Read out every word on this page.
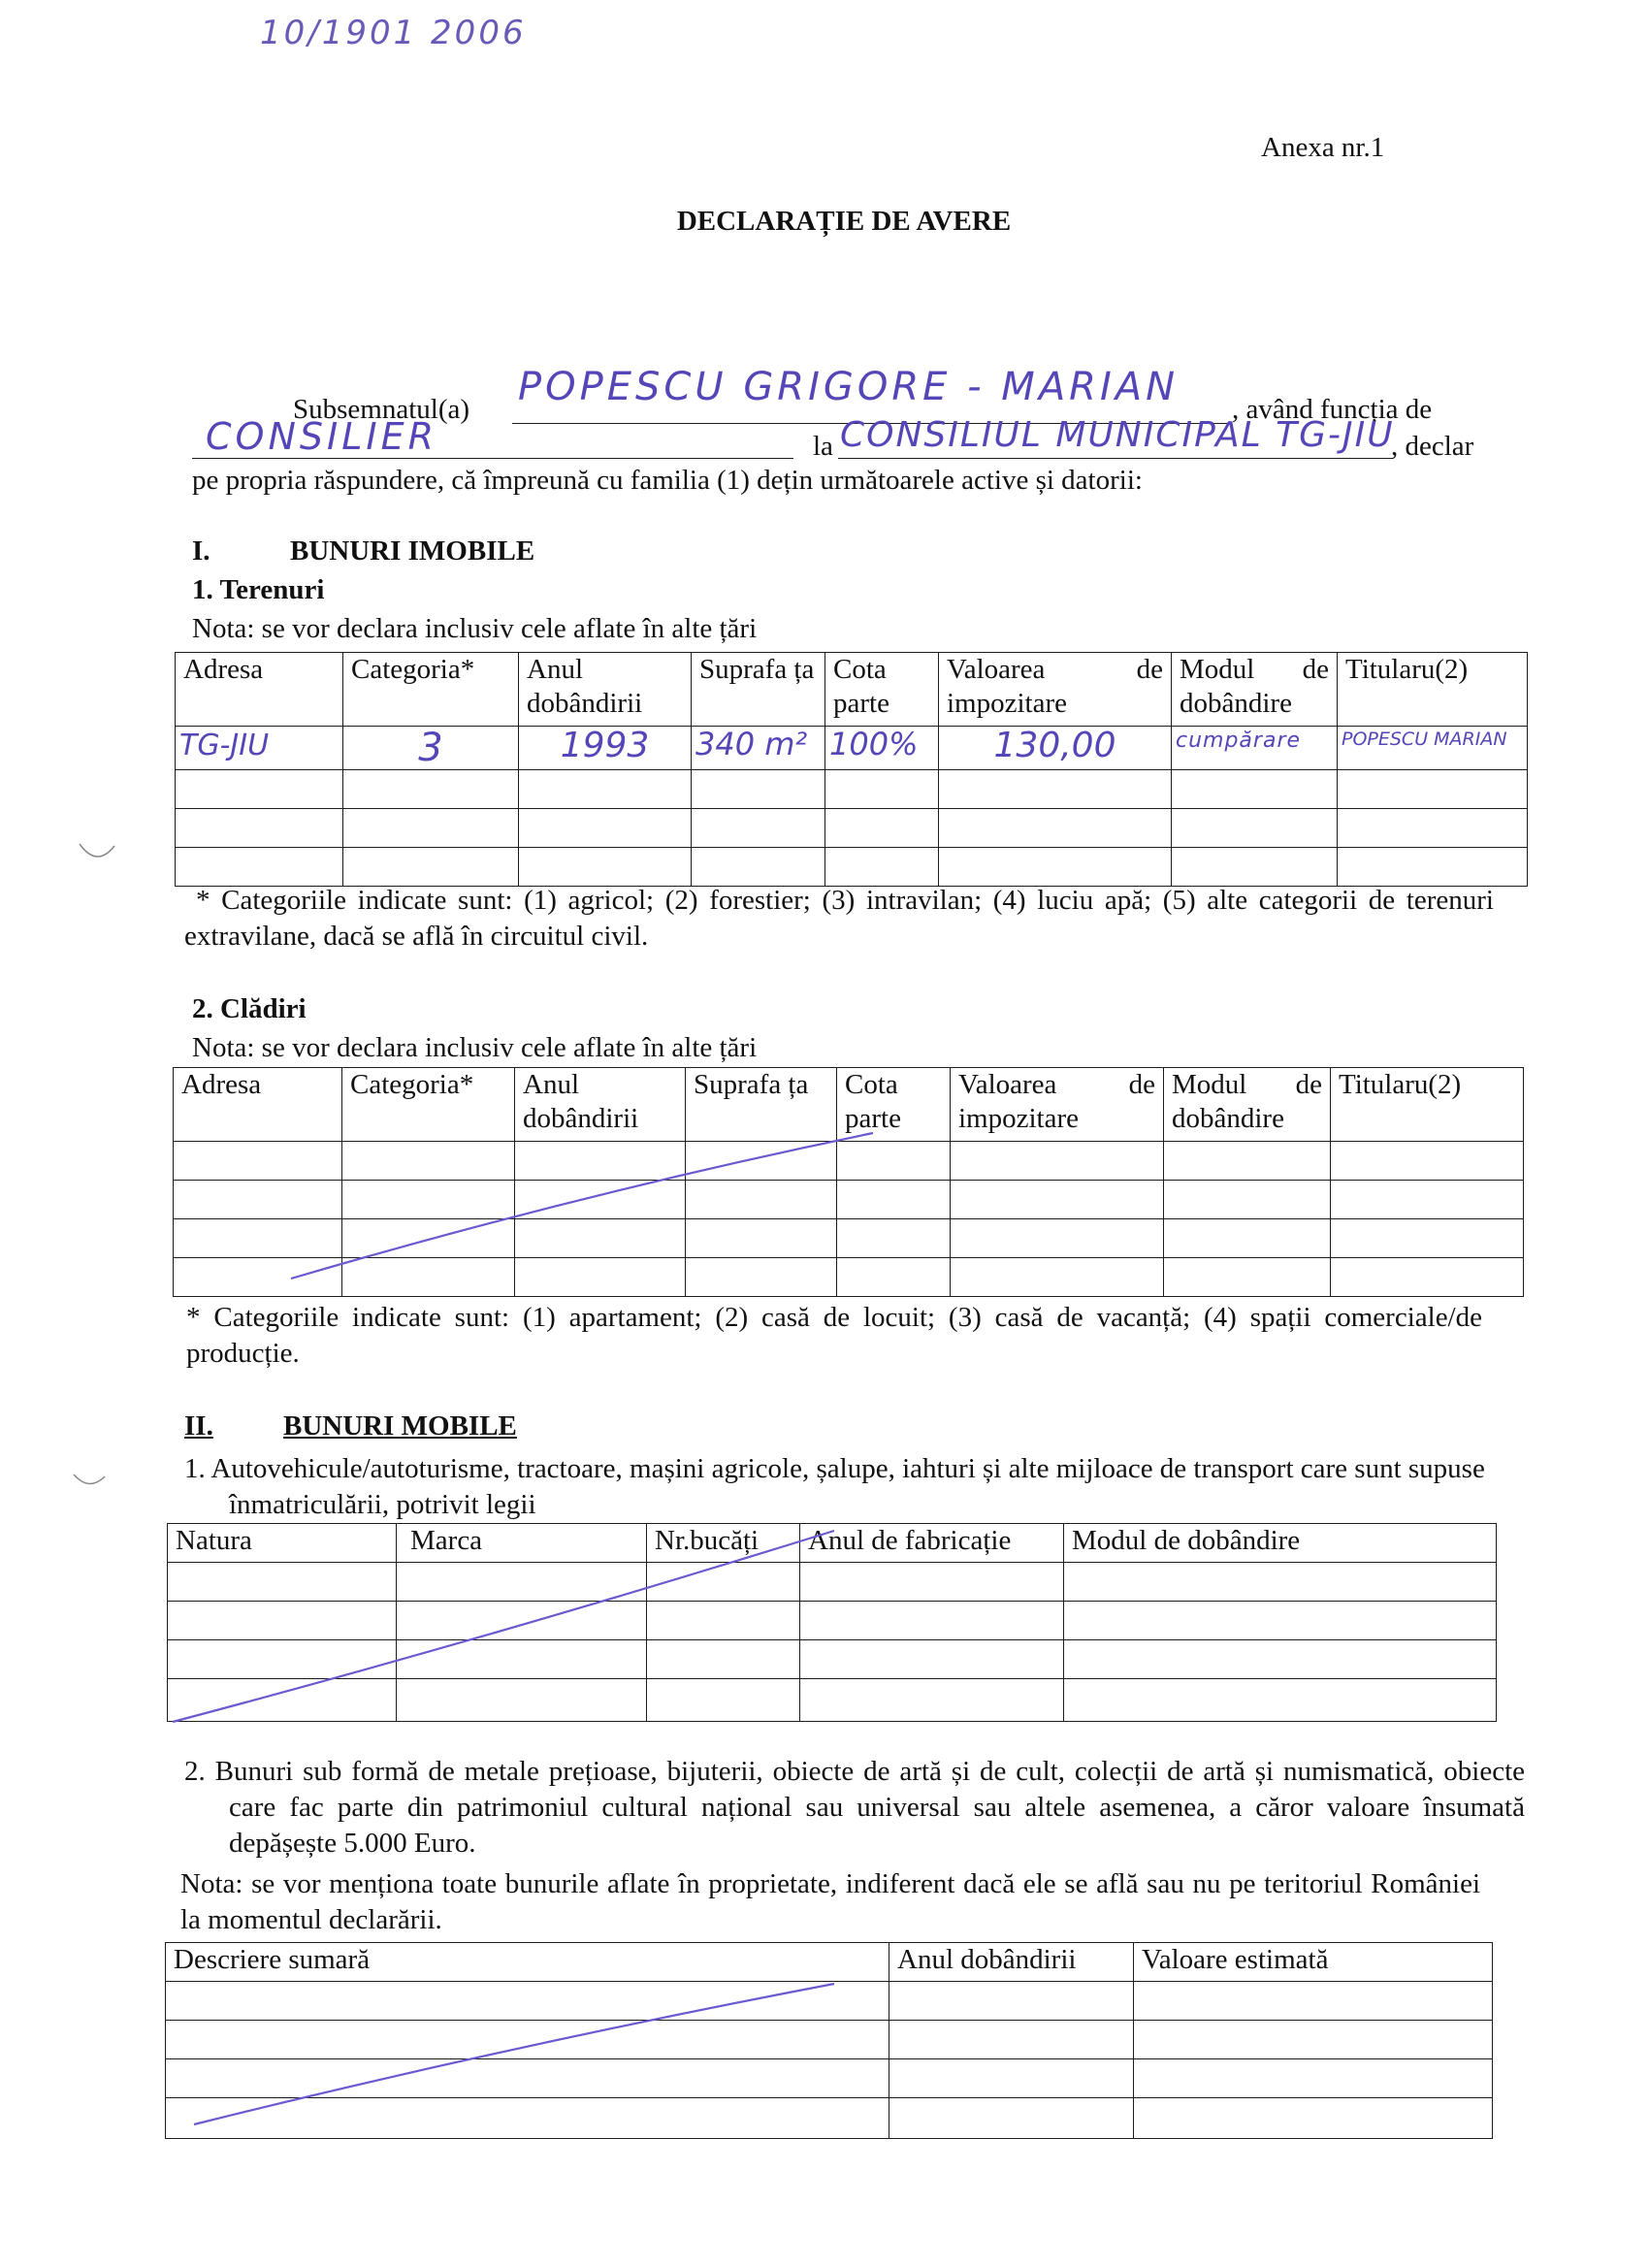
10/1901 2006
Anexa nr.1
DECLARAȚIE DE AVERE
Subsemnatul(a) POPESCU GRIGORE - MARIAN , având funcția de
CONSILIER	la CONSILIUL MUNICIPAL TG-JIU
, declar
pe propria răspundere, că împreună cu familia (1) dețin următoarele active și datorii:
I.	BUNURI IMOBILE
1. Terenuri
Nota: se vor declara inclusiv cele aflate în alte țări
Adresa	Categoria*	Anul dobândirii	Suprafa ța	Cota parte	Valoarea de impozitare	Modul de dobândire	Titularu(2)
TG-JIU	3	1993	340 m²	100%	130,00	cumpărare	POPESCU MARIAN

* Categoriile indicate sunt: (1) agricol; (2) forestier; (3) intravilan; (4) luciu apă; (5) alte categorii de terenuri extravilane, dacă se află în circuitul civil.
2. Clădiri
Nota: se vor declara inclusiv cele aflate în alte țări
Adresa	Categoria*	Anul dobândirii	Suprafa ța	Cota parte	Valoarea de impozitare	Modul de dobândire	Titularu(2)

* Categoriile indicate sunt: (1) apartament; (2) casă de locuit; (3) casă de vacanță; (4) spații comerciale/de producție.
II. BUNURI MOBILE
1. Autovehicule/autoturisme, tractoare, mașini agricole, șalupe, iahturi și alte mijloace de transport care sunt supuse înmatriculării, potrivit legii
Natura	Marca	Nr.bucăți	Anul de fabricație	Modul de dobândire

2. Bunuri sub formă de metale prețioase, bijuterii, obiecte de artă și de cult, colecții de artă și numismatică, obiecte care fac parte din patrimoniul cultural național sau universal sau altele asemenea, a căror valoare însumată depășește 5.000 Euro.
Nota: se vor menționa toate bunurile aflate în proprietate, indiferent dacă ele se află sau nu pe teritoriul României la momentul declarării.
Descriere sumară	Anul dobândirii	Valoare estimată
